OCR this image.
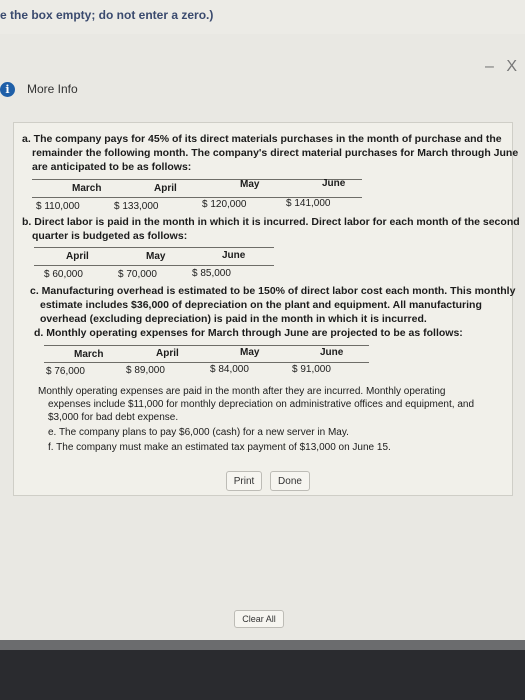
e the box empty; do not enter a zero.)
– X
i	More Info
a. The company pays for 45% of its direct materials purchases in the month of purchase and the
remainder the following month. The company's direct material purchases for March through June
are anticipated to be as follows:
March	April	May	June
$ 110,000	$ 133,000	$ 120,000	$ 141,000
b. Direct labor is paid in the month in which it is incurred. Direct labor for each month of the second
quarter is budgeted as follows:
April	May	June
$ 60,000	$ 70,000	$ 85,000
c. Manufacturing overhead is estimated to be 150% of direct labor cost each month. This monthly
estimate includes $36,000 of depreciation on the plant and equipment. All manufacturing
overhead (excluding depreciation) is paid in the month in which it is incurred.
d. Monthly operating expenses for March through June are projected to be as follows:
March	April	May	June
$ 76,000	$ 89,000	$ 84,000	$ 91,000
Monthly operating expenses are paid in the month after they are incurred. Monthly operating
expenses include $11,000 for monthly depreciation on administrative offices and equipment, and
$3,000 for bad debt expense.
e. The company plans to pay $6,000 (cash) for a new server in May.
f. The company must make an estimated tax payment of $13,000 on June 15.
Print	Done
Clear All
